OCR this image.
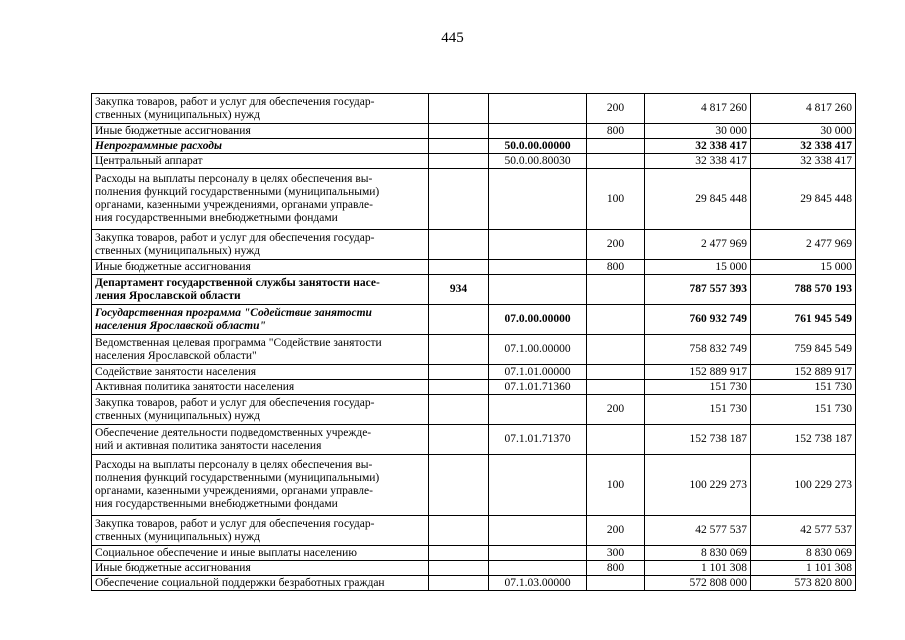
445
Закупка товаров, работ и услуг для обеспечения государ-
ственных (муниципальных) нужд			200	4 817 260	4 817 260
Иные бюджетные ассигнования			800	30 000	30 000
Непрограммные расходы		50.0.00.00000		32 338 417	32 338 417
Центральный аппарат		50.0.00.80030		32 338 417	32 338 417
Расходы на выплаты персоналу в целях обеспечения вы-
полнения функций государственными (муниципальными)
органами, казенными учреждениями, органами управле-
ния государственными внебюджетными фондами			100	29 845 448	29 845 448
Закупка товаров, работ и услуг для обеспечения государ-
ственных (муниципальных) нужд			200	2 477 969	2 477 969
Иные бюджетные ассигнования			800	15 000	15 000
Департамент государственной службы занятости насе-
ления Ярославской области	934			787 557 393	788 570 193
Государственная программа "Содействие занятости
населения Ярославской области"		07.0.00.00000		760 932 749	761 945 549
Ведомственная целевая программа "Содействие занятости
населения Ярославской области"		07.1.00.00000		758 832 749	759 845 549
Содействие занятости населения		07.1.01.00000		152 889 917	152 889 917
Активная политика занятости населения		07.1.01.71360		151 730	151 730
Закупка товаров, работ и услуг для обеспечения государ-
ственных (муниципальных) нужд			200	151 730	151 730
Обеспечение деятельности подведомственных учрежде-
ний и активная политика занятости населения		07.1.01.71370		152 738 187	152 738 187
Расходы на выплаты персоналу в целях обеспечения вы-
полнения функций государственными (муниципальными)
органами, казенными учреждениями, органами управле-
ния государственными внебюджетными фондами			100	100 229 273	100 229 273
Закупка товаров, работ и услуг для обеспечения государ-
ственных (муниципальных) нужд			200	42 577 537	42 577 537
Социальное обеспечение и иные выплаты населению			300	8 830 069	8 830 069
Иные бюджетные ассигнования			800	1 101 308	1 101 308
Обеспечение социальной поддержки безработных граждан		07.1.03.00000		572 808 000	573 820 800
